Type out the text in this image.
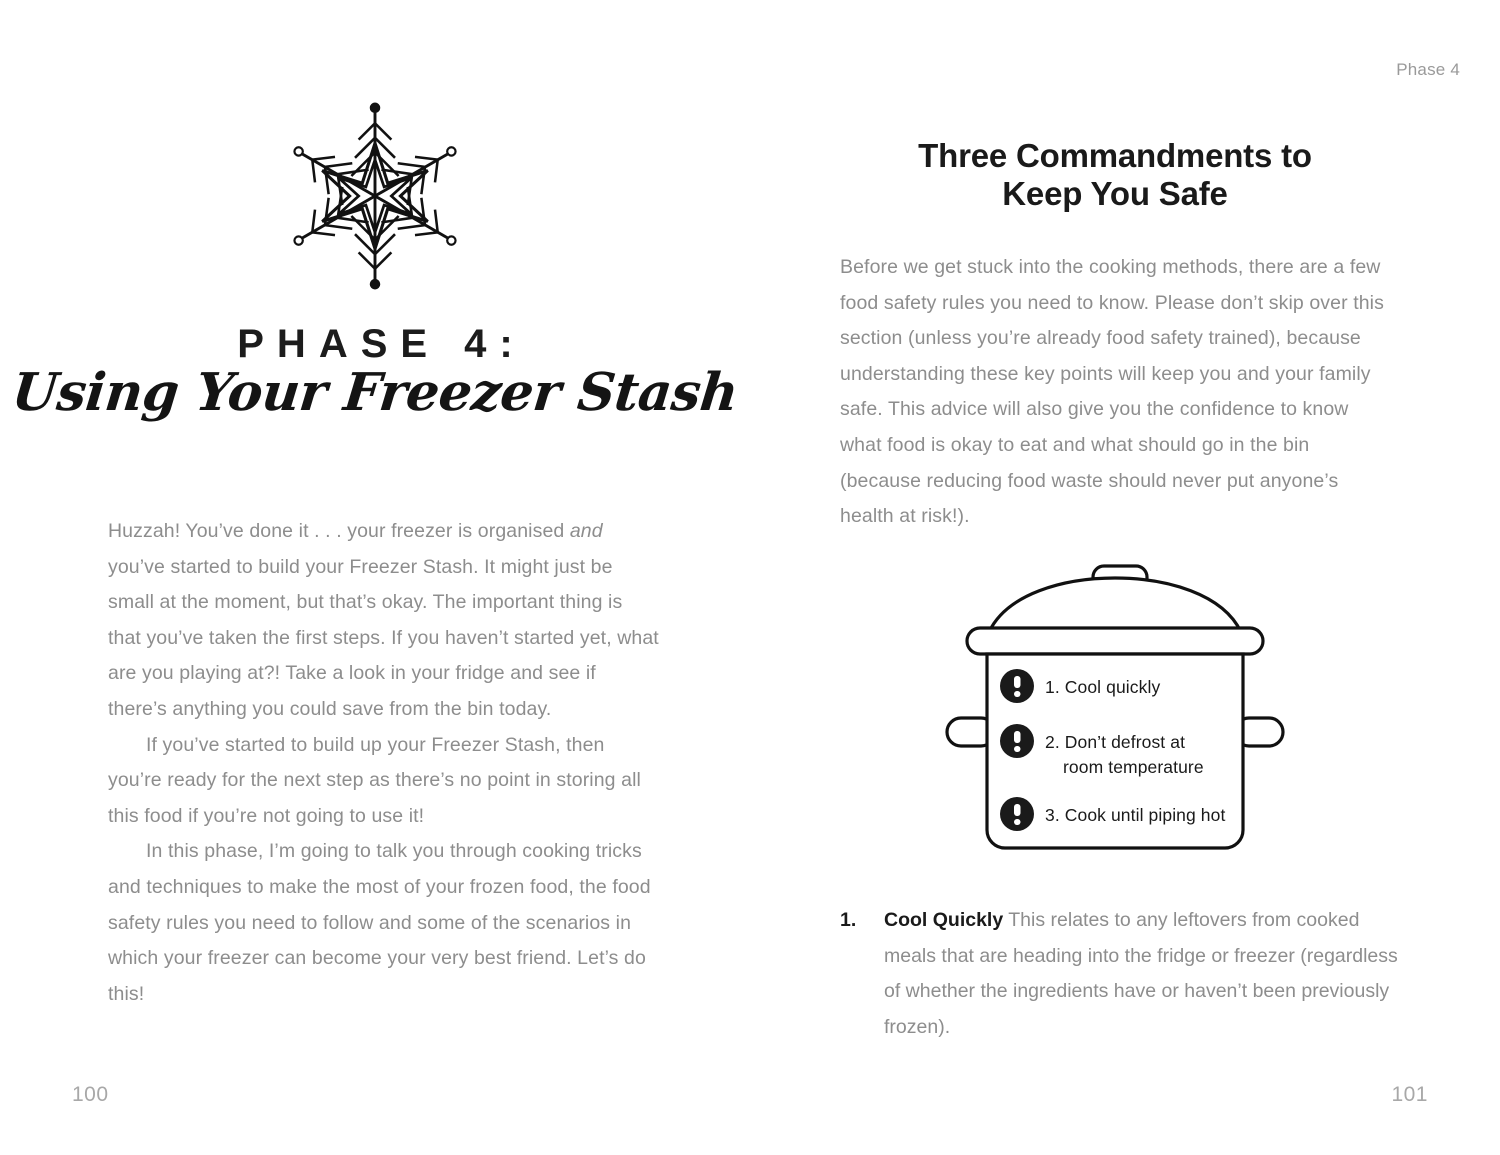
PHASE 4:
Using Your Freezer Stash

Huzzah! You’ve done it . . . your freezer is organised and you’ve started to build your Freezer Stash. It might just be small at the moment, but that’s okay. The important thing is that you’ve taken the first steps. If you haven’t started yet, what are you playing at?! Take a look in your fridge and see if there’s anything you could save from the bin today.

If you’ve started to build up your Freezer Stash, then you’re ready for the next step as there’s no point in storing all this food if you’re not going to use it!

In this phase, I’m going to talk you through cooking tricks and techniques to make the most of your frozen food, the food safety rules you need to follow and some of the scenarios in which your freezer can become your very best friend. Let’s do this!

100
Phase 4
Three Commandments to
Keep You Safe

Before we get stuck into the cooking methods, there are a few food safety rules you need to know. Please don’t skip over this section (unless you’re already food safety trained), because understanding these key points will keep you and your family safe. This advice will also give you the confidence to know what food is okay to eat and what should go in the bin (because reducing food waste should never put anyone’s health at risk!).

1. Cool quickly
2. Don’t defrost at
room temperature
3. Cook until piping hot
1.	Cool Quickly This relates to any leftovers from cooked meals that are heading into the fridge or freezer (regardless of whether the ingredients have or haven’t been previously frozen).
101
